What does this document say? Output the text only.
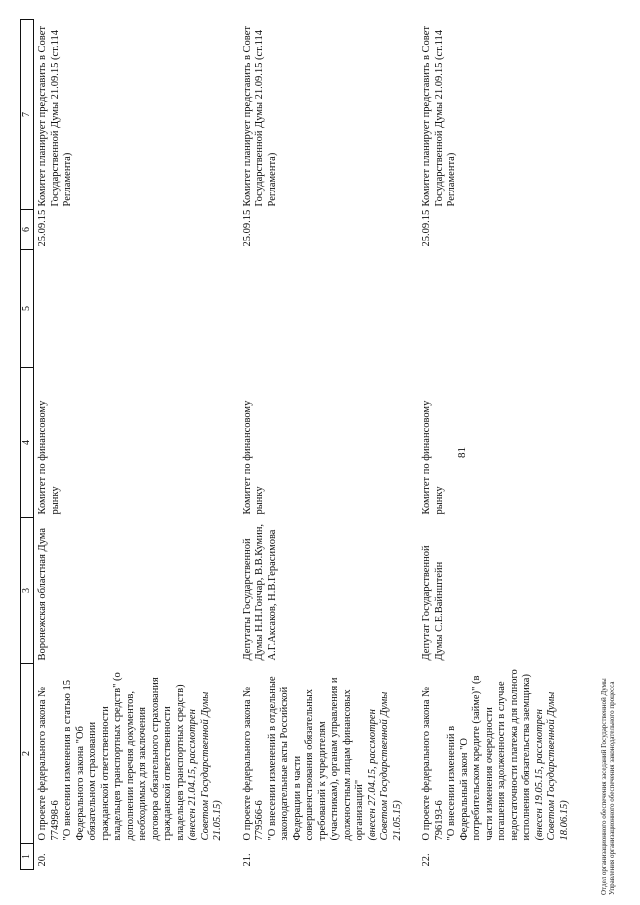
81
1	2	3	4	5	6	7
20.	О проекте федерального закона № 774998-6 "О внесении изменения в статью 15 Федерального закона "Об обязательном страховании гражданской ответственности владельцев транспортных средств" (о дополнении перечня документов, необходимых для заключения договора обязательного страхования гражданской ответственности владельцев транспортных средств) (внесен 21.04.15, рассмотрен Советом Государственной Думы 21.05.15)	Воронежская областная Дума	Комитет по финансовому рынку		25.09.15	Комитет планирует представить в Совет Государственной Думы 21.09.15 (ст.114 Регламента)
21.	О проекте федерального закона № 779566-6 "О внесении изменений в отдельные законодательные акты Российской Федерации в части совершенствования обязательных требований к учредителям (участникам), органам управления и должностным лицам финансовых организаций" (внесен 27.04.15, рассмотрен Советом Государственной Думы 21.05.15)	Депутаты Государственной Думы Н.Н.Гончар, В.В.Кумин, А.Г.Аксаков, Н.В.Герасимова	Комитет по финансовому рынку		25.09.15	Комитет планирует представить в Совет Государственной Думы 21.09.15 (ст.114 Регламента)
22.	О проекте федерального закона № 796193-6 "О внесении изменений в Федеральный закон "О потребительском кредите (займе)" (в части изменения очередности погашения задолженности в случае недостаточности платежа для полного исполнения обязательства заемщика) (внесен 19.05.15, рассмотрен Советом Государственной Думы 18.06.15)	Депутат Государственной Думы С.Е.Вайнштейн	Комитет по финансовому рынку		25.09.15	Комитет планирует представить в Совет Государственной Думы 21.09.15 (ст.114 Регламента)
Отдел организационного обеспечения заседаний Государственной Думы Управления организационного обеспечения законодательного процесса
